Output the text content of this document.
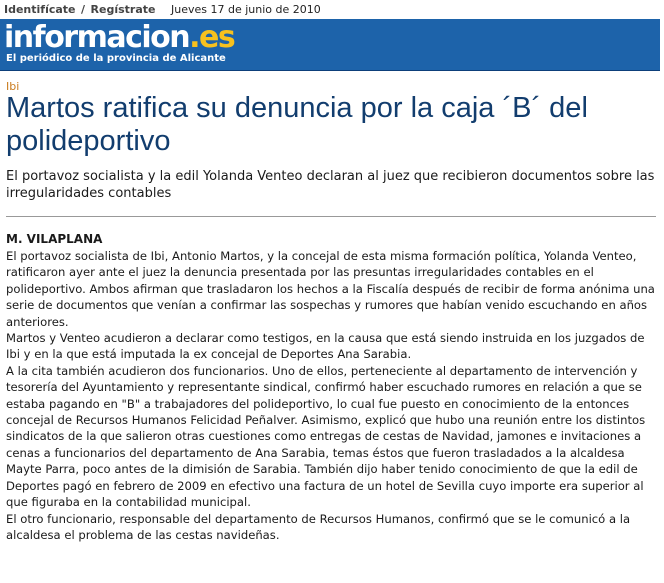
Identifícate / Regístrate Jueves 17 de junio de 2010
informacion.es
El periódico de la provincia de Alicante
Ibi
Martos ratifica su denuncia por la caja ´B´ del polideportivo

El portavoz socialista y la edil Yolanda Venteo declaran al juez que recibieron documentos sobre las irregularidades contables

M. VILAPLANA

El portavoz socialista de Ibi, Antonio Martos, y la concejal de esta misma formación política, Yolanda Venteo, ratificaron ayer ante el juez la denuncia presentada por las presuntas irregularidades contables en el polideportivo. Ambos afirman que trasladaron los hechos a la Fiscalía después de recibir de forma anónima una serie de documentos que venían a confirmar las sospechas y rumores que habían venido escuchando en años anteriores.

Martos y Venteo acudieron a declarar como testigos, en la causa que está siendo instruida en los juzgados de Ibi y en la que está imputada la ex concejal de Deportes Ana Sarabia.

A la cita también acudieron dos funcionarios. Uno de ellos, perteneciente al departamento de intervención y tesorería del Ayuntamiento y representante sindical, confirmó haber escuchado rumores en relación a que se estaba pagando en "B" a trabajadores del polideportivo, lo cual fue puesto en conocimiento de la entonces concejal de Recursos Humanos Felicidad Peñalver. Asimismo, explicó que hubo una reunión entre los distintos sindicatos de la que salieron otras cuestiones como entregas de cestas de Navidad, jamones e invitaciones a cenas a funcionarios del departamento de Ana Sarabia, temas éstos que fueron trasladados a la alcaldesa Mayte Parra, poco antes de la dimisión de Sarabia. También dijo haber tenido conocimiento de que la edil de Deportes pagó en febrero de 2009 en efectivo una factura de un hotel de Sevilla cuyo importe era superior al que figuraba en la contabilidad municipal.

El otro funcionario, responsable del departamento de Recursos Humanos, confirmó que se le comunicó a la alcaldesa el problema de las cestas navideñas.
